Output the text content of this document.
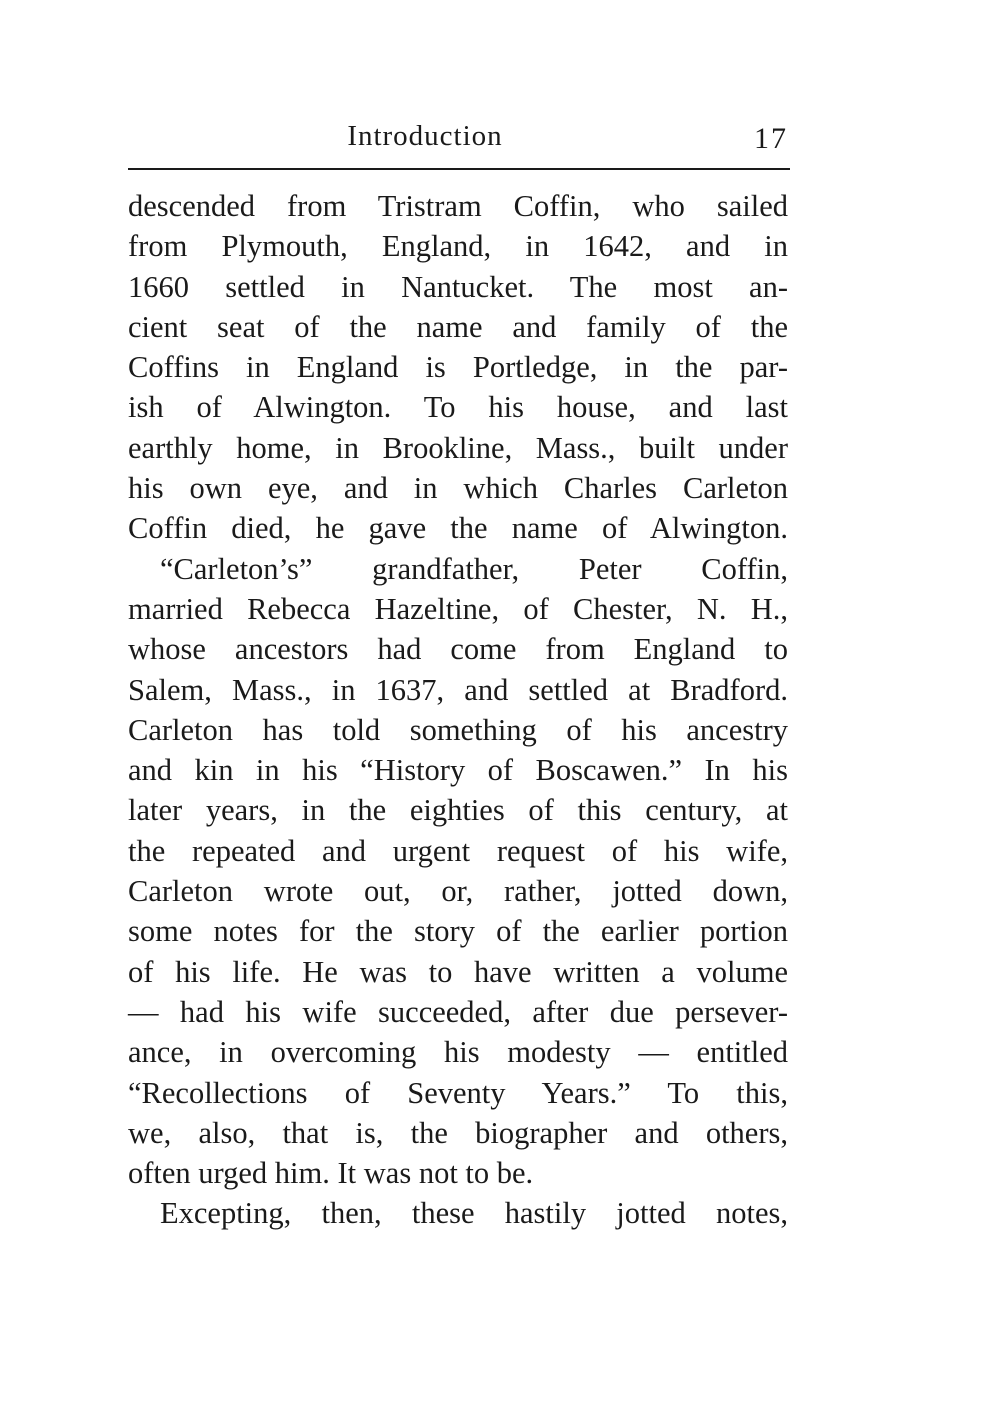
Introduction	17
descended from Tristram Coffin, who sailed
from Plymouth, England, in 1642, and in
1660 settled in Nantucket. The most an-
cient seat of the name and family of the
Coffins in England is Portledge, in the par-
ish of Alwington. To his house, and last
earthly home, in Brookline, Mass., built under
his own eye, and in which Charles Carleton
Coffin died, he gave the name of Alwington.
“Carleton’s” grandfather, Peter Coffin,
married Rebecca Hazeltine, of Chester, N. H.,
whose ancestors had come from England to
Salem, Mass., in 1637, and settled at Bradford.
Carleton has told something of his ancestry
and kin in his “History of Boscawen.” In his
later years, in the eighties of this century, at
the repeated and urgent request of his wife,
Carleton wrote out, or, rather, jotted down,
some notes for the story of the earlier portion
of his life. He was to have written a volume
— had his wife succeeded, after due persever-
ance, in overcoming his modesty — entitled
“Recollections of Seventy Years.” To this,
we, also, that is, the biographer and others,
often urged him. It was not to be.
Excepting, then, these hastily jotted notes,
